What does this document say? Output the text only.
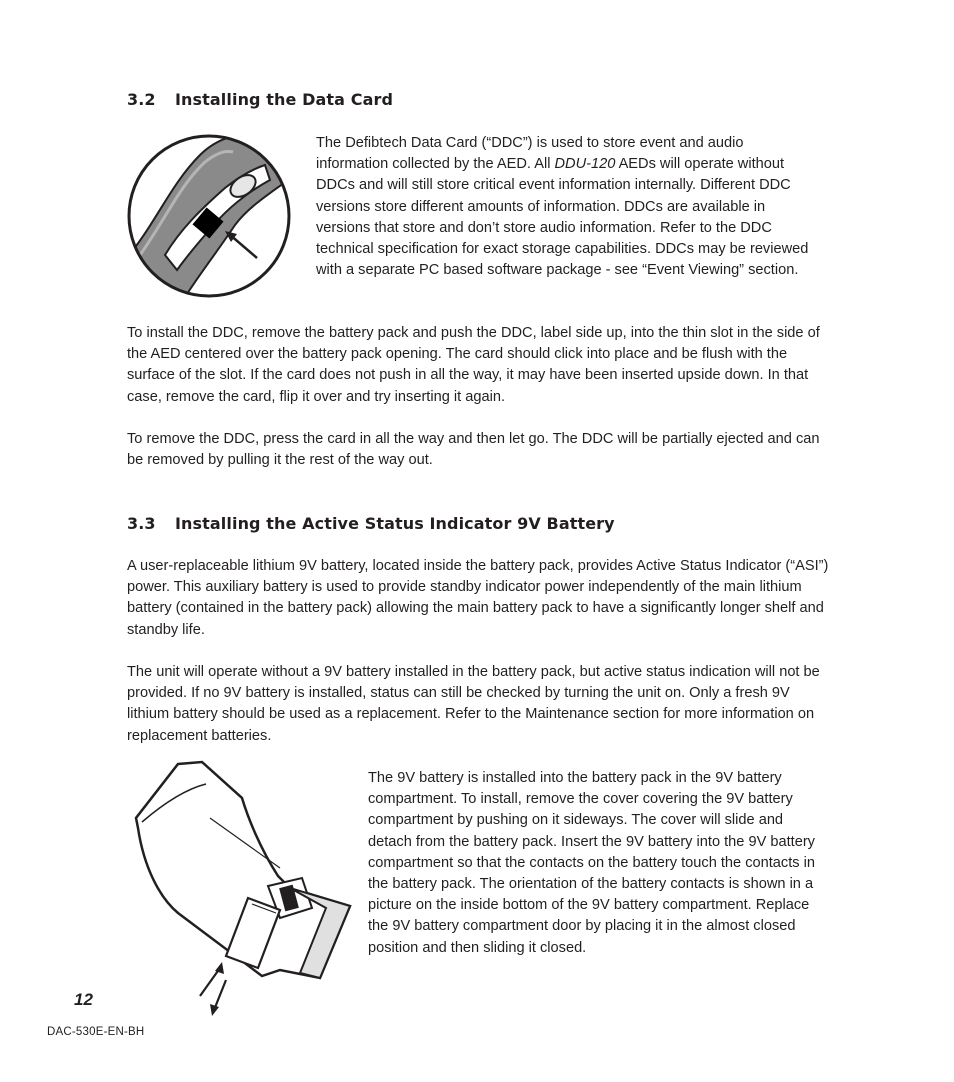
3.2 Installing the Data Card

The Defibtech Data Card (“DDC”) is used to store event and audio information collected by the AED. All DDU-120 AEDs will operate without DDCs and will still store critical event information internally. Different DDC versions store different amounts of information. DDCs are available in versions that store and don’t store audio information. Refer to the DDC technical specification for exact storage capabilities. DDCs may be reviewed with a separate PC based software package - see “Event Viewing” section.

To install the DDC, remove the battery pack and push the DDC, label side up, into the thin slot in the side of the AED centered over the battery pack opening. The card should click into place and be flush with the surface of the slot. If the card does not push in all the way, it may have been inserted upside down. In that case, remove the card, flip it over and try inserting it again.

To remove the DDC, press the card in all the way and then let go. The DDC will be partially ejected and can be removed by pulling it the rest of the way out.

3.3 Installing the Active Status Indicator 9V Battery

A user-replaceable lithium 9V battery, located inside the battery pack, provides Active Status Indicator (“ASI”) power. This auxiliary battery is used to provide standby indicator power independently of the main lithium battery (contained in the battery pack) allowing the main battery pack to have a significantly longer shelf and standby life.

The unit will operate without a 9V battery installed in the battery pack, but active status indication will not be provided. If no 9V battery is installed, status can still be checked by turning the unit on. Only a fresh 9V lithium battery should be used as a replacement. Refer to the Maintenance section for more information on replacement batteries.

The 9V battery is installed into the battery pack in the 9V battery compartment. To install, remove the cover covering the 9V battery compartment by pushing on it sideways. The cover will slide and detach from the battery pack. Insert the 9V battery into the 9V battery compartment so that the contacts on the battery touch the contacts in the battery pack. The orientation of the battery contacts is shown in a picture on the inside bottom of the 9V battery compartment. Replace the 9V battery compartment door by placing it in the almost closed position and then sliding it closed.

12

DAC-530E-EN-BH
